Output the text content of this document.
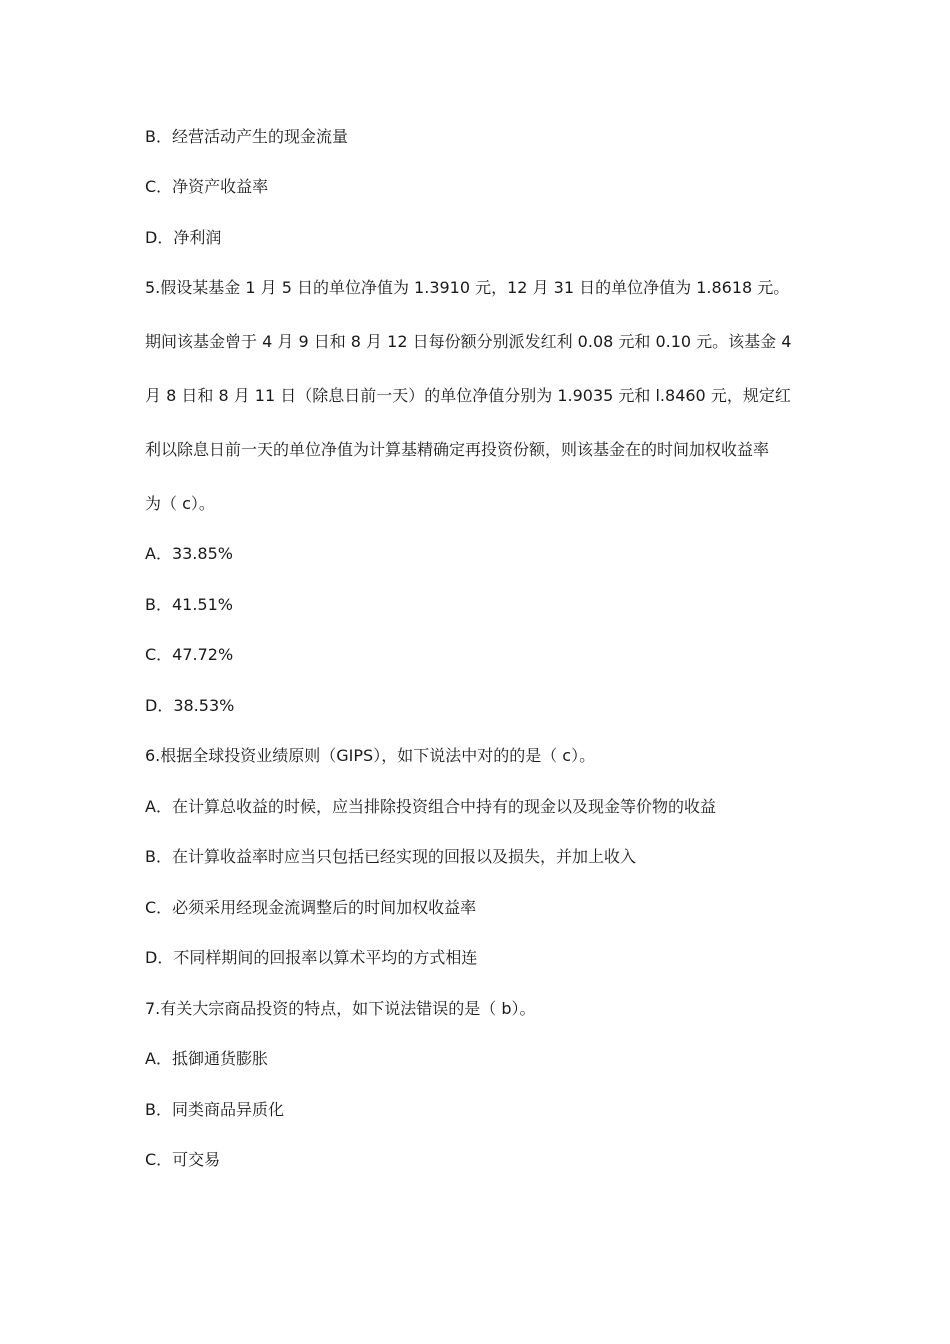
B．经营活动产生的现金流量
C．净资产收益率
D．净利润
5.假设某基金 1 月 5 日的单位净值为 1.3910 元，12 月 31 日的单位净值为 1.8618 元。
期间该基金曾于 4 月 9 日和 8 月 12 日每份额分别派发红利 0.08 元和 0.10 元。该基金 4
月 8 日和 8 月 11 日（除息日前一天）的单位净值分别为 1.9035 元和 l.8460 元，规定红
利以除息日前一天的单位净值为计算基精确定再投资份额，则该基金在的时间加权收益率
为（ c）。
A．33.85%
B．41.51%
C．47.72%
D．38.53%
6.根据全球投资业绩原则（GIPS），如下说法中对的的是（ c）。
A．在计算总收益的时候，应当排除投资组合中持有的现金以及现金等价物的收益
B．在计算收益率时应当只包括已经实现的回报以及损失，并加上收入
C．必须采用经现金流调整后的时间加权收益率
D．不同样期间的回报率以算术平均的方式相连
7.有关大宗商品投资的特点，如下说法错误的是（ b）。
A．抵御通货膨胀
B．同类商品异质化
C．可交易
